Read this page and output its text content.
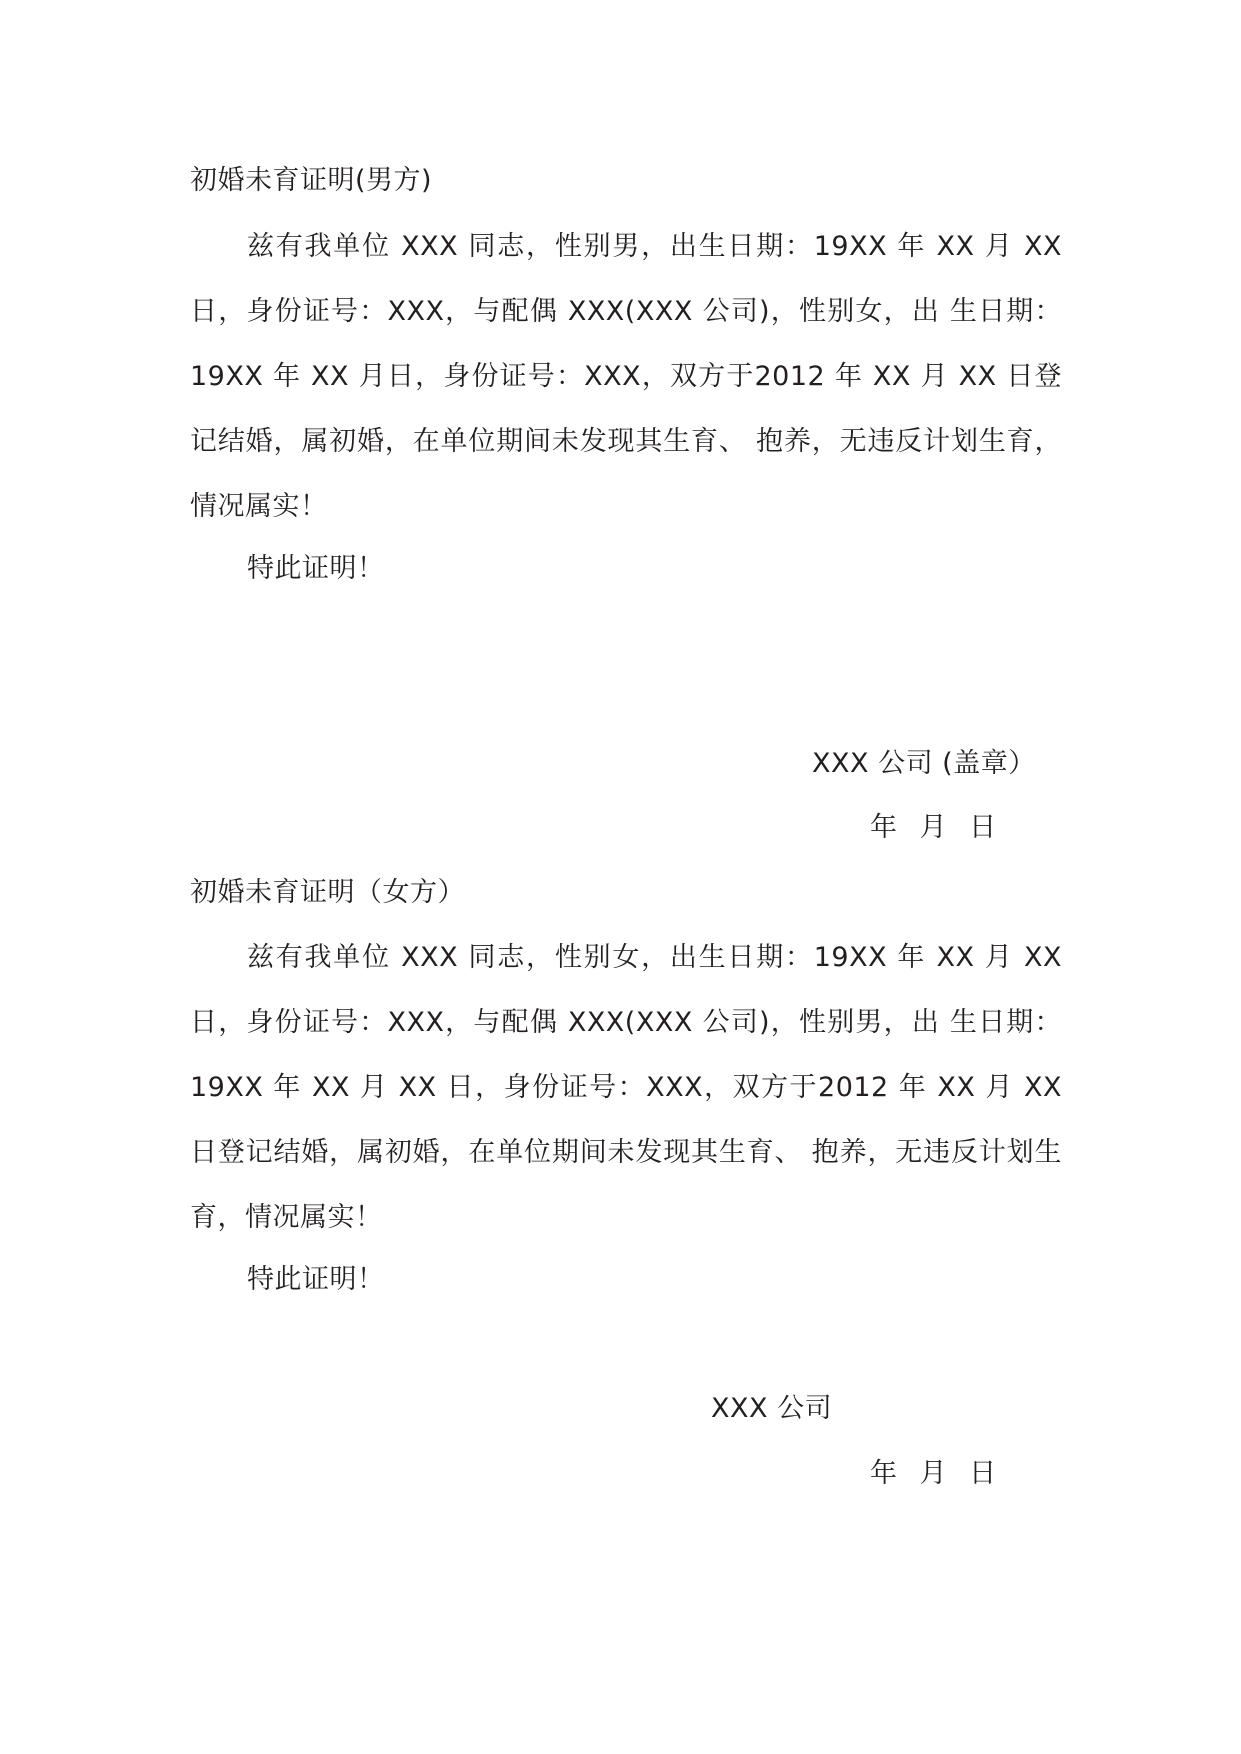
初婚未育证明(男方)

兹有我单位 XXX 同志，性别男，出生日期：19XX 年 XX 月 XX 日，身份证号：XXX，与配偶 XXX(XXX 公司)，性别女，出 生日期：19XX 年 XX 月日，身份证号：XXX，双方于2012 年 XX 月 XX 日登记结婚，属初婚，在单位期间未发现其生育、 抱养，无违反计划生育，情况属实！

特此证明！
XXX 公司 (盖章）
年 月 日
初婚未育证明（女方）

兹有我单位 XXX 同志，性别女，出生日期：19XX 年 XX 月 XX 日，身份证号：XXX，与配偶 XXX(XXX 公司)，性别男，出 生日期：19XX 年 XX 月 XX 日，身份证号：XXX，双方于2012 年 XX 月 XX 日登记结婚，属初婚，在单位期间未发现其生育、 抱养，无违反计划生育，情况属实！

特此证明！
XXX 公司
年 月 日
